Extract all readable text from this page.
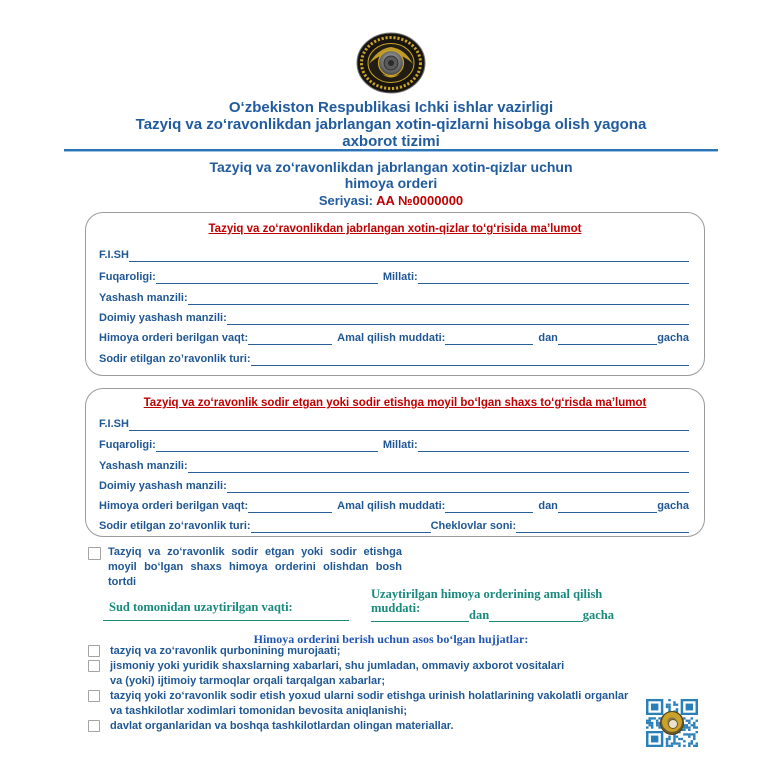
O‘zbekiston Respublikasi Ichki ishlar vazirligi
Tazyiq va zo‘ravonlikdan jabrlangan xotin-qizlarni hisobga olish yagona
axborot tizimi
Tazyiq va zo‘ravonlikdan jabrlangan xotin-qizlar uchun
himoya orderi
Seriyasi: AA №0000000
Tazyiq va zo‘ravonlikdan jabrlangan xotin-qizlar to‘g‘risida ma’lumot
F.I.SH
Fuqaroligi:	Millati:
Yashash manzili:
Doimiy yashash manzili:
Himoya orderi berilgan vaqt:	Amal qilish muddati:	dan	gacha
Sodir etilgan zo’ravonlik turi:
Tazyiq va zo‘ravonlik sodir etgan yoki sodir etishga moyil bo‘lgan shaxs to‘g‘risda ma’lumot
F.I.SH
Fuqaroligi:	Millati:
Yashash manzili:
Doimiy yashash manzili:
Himoya orderi berilgan vaqt:	Amal qilish muddati:	dan	gacha
Sodir etilgan zo‘ravonlik turi:	Cheklovlar soni:
Tazyiq va zo‘ravonlik sodir etgan yoki sodir etishga moyil bo‘lgan shaxs himoya orderini olishdan bosh tortdi
Sud tomonidan uzaytirilgan vaqti:
Uzaytirilgan himoya orderining amal qilish
muddati:	dan	gacha
Himoya orderini berish uchun asos bo‘lgan hujjatlar:
tazyiq va zo‘ravonlik qurbonining murojaati;
jismoniy yoki yuridik shaxslarning xabarlari, shu jumladan, ommaviy axborot vositalari
va (yoki) ijtimoiy tarmoqlar orqali tarqalgan xabarlar;
tazyiq yoki zo‘ravonlik sodir etish yoxud ularni sodir etishga urinish holatlarining vakolatli organlar
va tashkilotlar xodimlari tomonidan bevosita aniqlanishi;
davlat organlaridan va boshqa tashkilotlardan olingan materiallar.
